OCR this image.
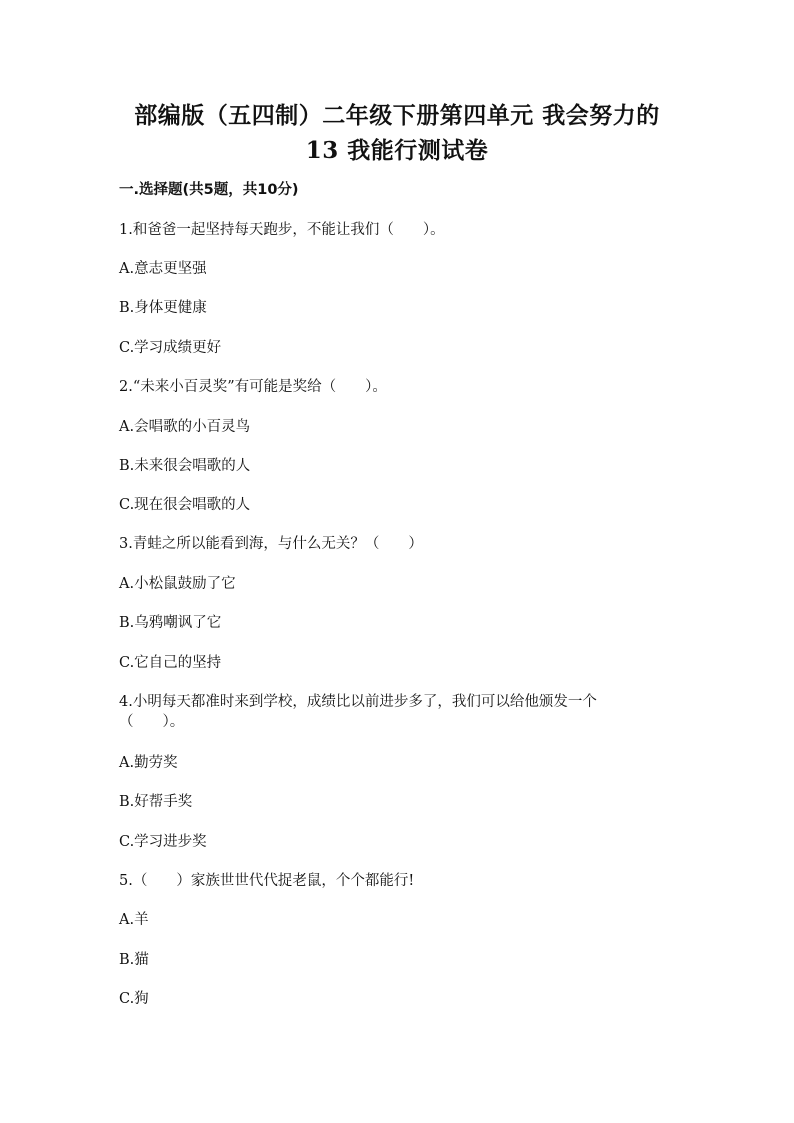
部编版（五四制）二年级下册第四单元 我会努力的
13 我能行测试卷
一.选择题(共5题，共10分)
1.和爸爸一起坚持每天跑步，不能让我们（　　）。
A.意志更坚强
B.身体更健康
C.学习成绩更好
2.“未来小百灵奖”有可能是奖给（　　）。
A.会唱歌的小百灵鸟
B.未来很会唱歌的人
C.现在很会唱歌的人
3.青蛙之所以能看到海，与什么无关？（　　）
A.小松鼠鼓励了它
B.乌鸦嘲讽了它
C.它自己的坚持
4.小明每天都准时来到学校，成绩比以前进步多了，我们可以给他颁发一个
（　　）。
A.勤劳奖
B.好帮手奖
C.学习进步奖
5.（　　）家族世世代代捉老鼠，个个都能行!
A.羊
B.猫
C.狗
